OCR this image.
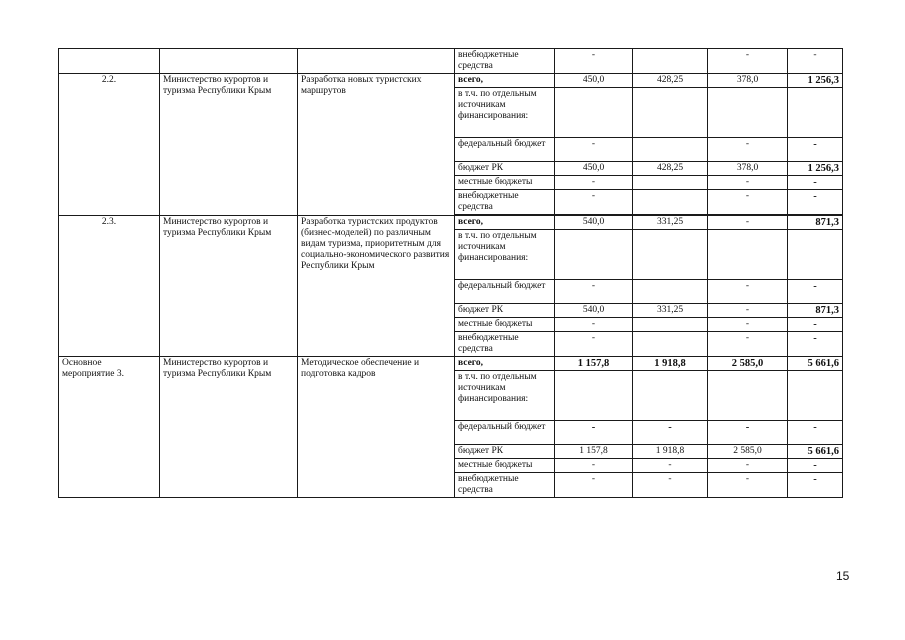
			внебюджетные средства	-		-	-
2.2.	Министерство курортов и туризма Республики Крым	Разработка новых туристских маршрутов	всего,	450,0	428,25	378,0	1 256,3
			в т.ч. по отдельным источникам финансирования:				
			федеральный бюджет	-		-	-
			бюджет РК	450,0	428,25	378,0	1 256,3
			местные бюджеты	-		-	-
			внебюджетные средства	-		-	-

2.3.	Министерство курортов и туризма Республики Крым	Разработка туристских продуктов (бизнес-моделей) по различным видам туризма, приоритетным для социально-экономического развития Республики Крым	всего,	540,0	331,25	-	871,3
			в т.ч. по отдельным источникам финансирования:				
			федеральный бюджет	-		-	-
			бюджет РК	540,0	331,25	-	871,3
			местные бюджеты	-		-	-
			внебюджетные средства	-		-	-
Основное мероприятие 3.	Министерство курортов и туризма Республики Крым	Методическое обеспечение и подготовка кадров	всего,	1 157,8	1 918,8	2 585,0	5 661,6
			в т.ч. по отдельным источникам финансирования:				
			федеральный бюджет	-	-	-	-
			бюджет РК	1 157,8	1 918,8	2 585,0	5 661,6
			местные бюджеты	-	-	-	-
			внебюджетные средства	-	-	-	-
15
